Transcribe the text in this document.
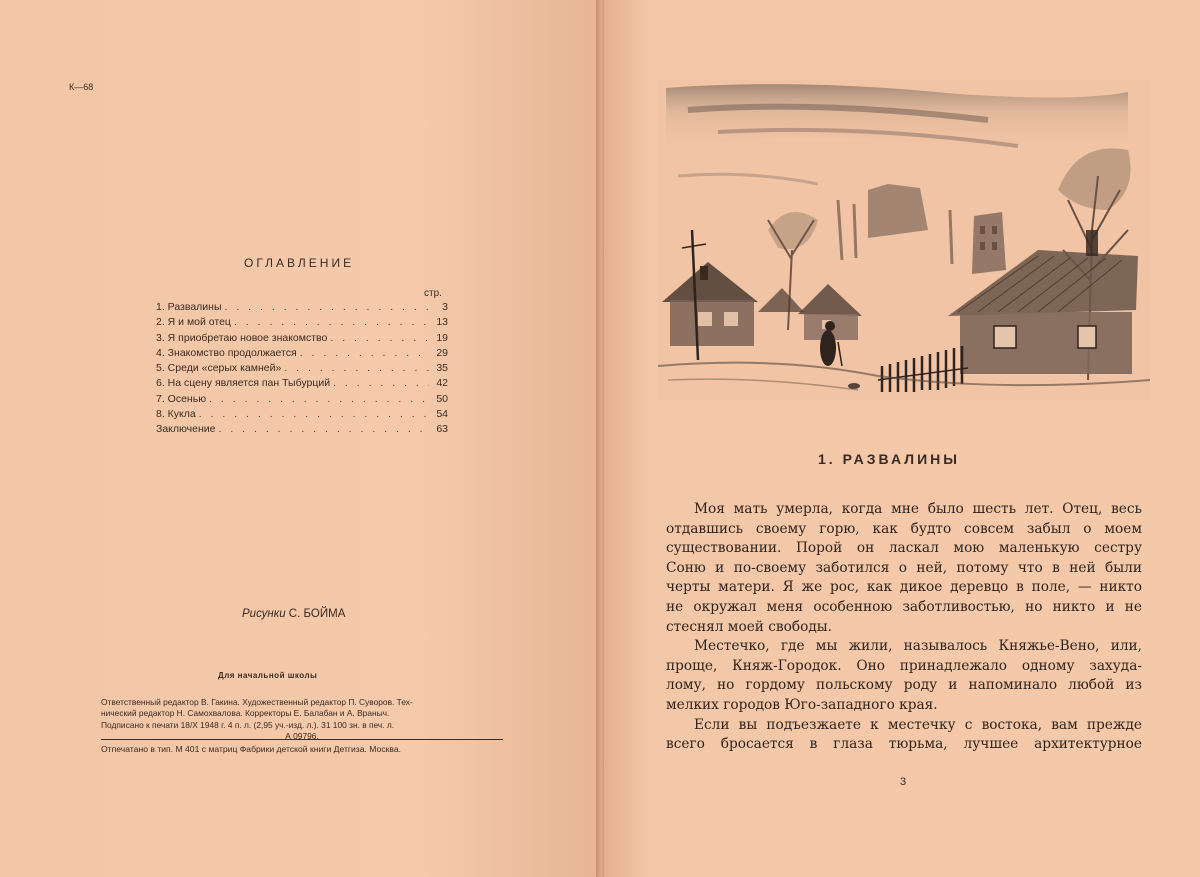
К—68
ОГЛАВЛЕНИЕ
стр.
1. Развалины . . .	3
2. Я и мой отец . . .	13
3. Я приобретаю новое знакомство . . .	19
4. Знакомство продолжается . . .	29
5. Среди «серых камней» . . .	35
6. На сцену является пан Тыбурций . . .	42
7. Осенью . . .	50
8. Кукла . . .	54
Заключение . . .	63
Рисунки С. БОЙМА
Для начальной школы

Ответственный редактор В. Гакина. Художественный редактор П. Суворов. Тех-

нический редактор Н. Самохвалова. Корректоры Е. Балабан и А. Враныч.

Подписано к печати 18/X 1948 г. 4 п. л. (2,95 уч.-изд. л.). 31 100 зн. в печ. л.

А 09796.

Отпечатано в тип. М 401 с матриц Фабрики детской книги Детгиза. Москва.
1. РАЗВАЛИНЫ

Моя мать умерла, когда мне было шесть лет. Отец, весь
отдавшись своему горю, как будто совсем забыл о моем
существовании. Порой он ласкал мою маленькую сестру
Соню и по-своему заботился о ней, потому что в ней были
черты матери. Я же рос, как дикое деревцо в поле, — никто
не окружал меня особенною заботливостью, но никто и не
стеснял моей свободы.

Местечко, где мы жили, называлось Княжье-Вено, или,
проще, Княж-Городок. Оно принадлежало одному захуда-
лому, но гордому польскому роду и напоминало любой из
мелких городов Юго-западного края.

Если вы подъезжаете к местечку с востока, вам прежде
всего бросается в глаза тюрьма, лучшее архитектурное

3
